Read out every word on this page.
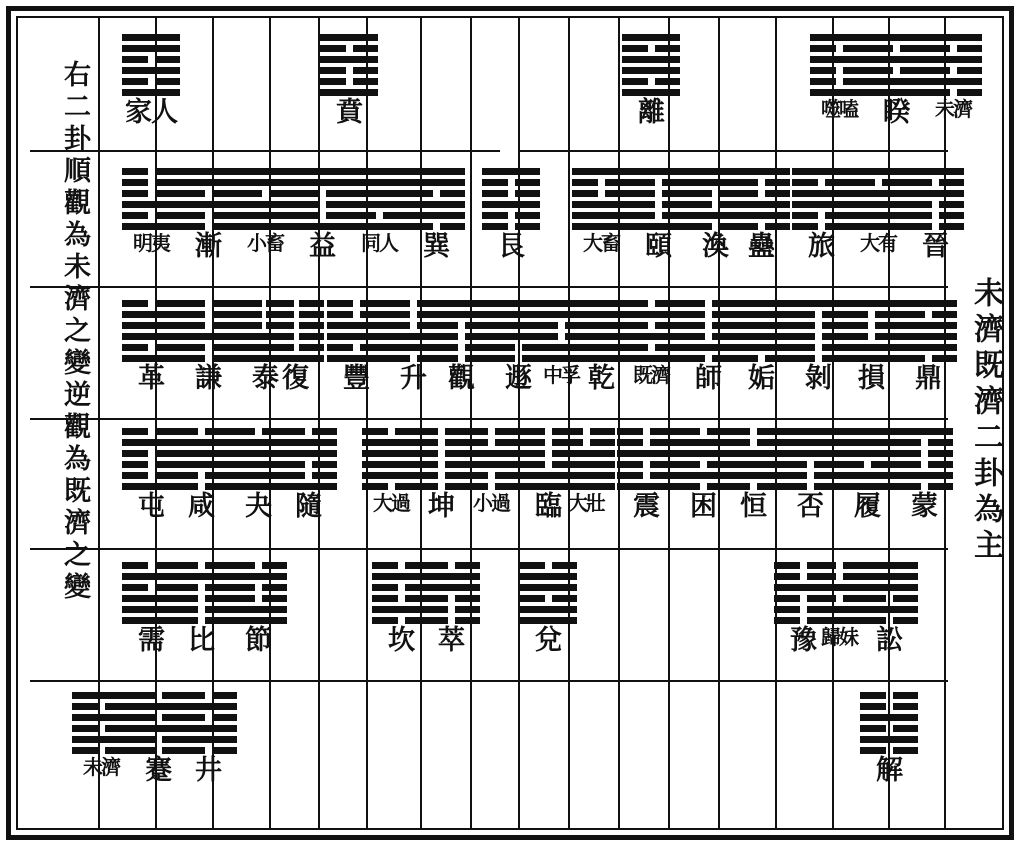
家人	賁	離	噬嗑 睽	未濟
明夷 漸	小畜 益	同人 巽	艮	大畜 頤	渙 蠱	旅	大有 晉
革	謙	泰 復	豐	升 觀	遯 中孚 乾 既濟 師	姤	剝	損	鼎
屯 咸	夬 隨	大過 坤 小過 臨 大壯	震	困 恒	否	履	蒙
需 比	節	坎 萃	兌	豫 歸妹 訟
未濟 蹇 井	解
未濟既濟二卦為主
右二卦順觀為未濟之變逆觀為既濟之變
